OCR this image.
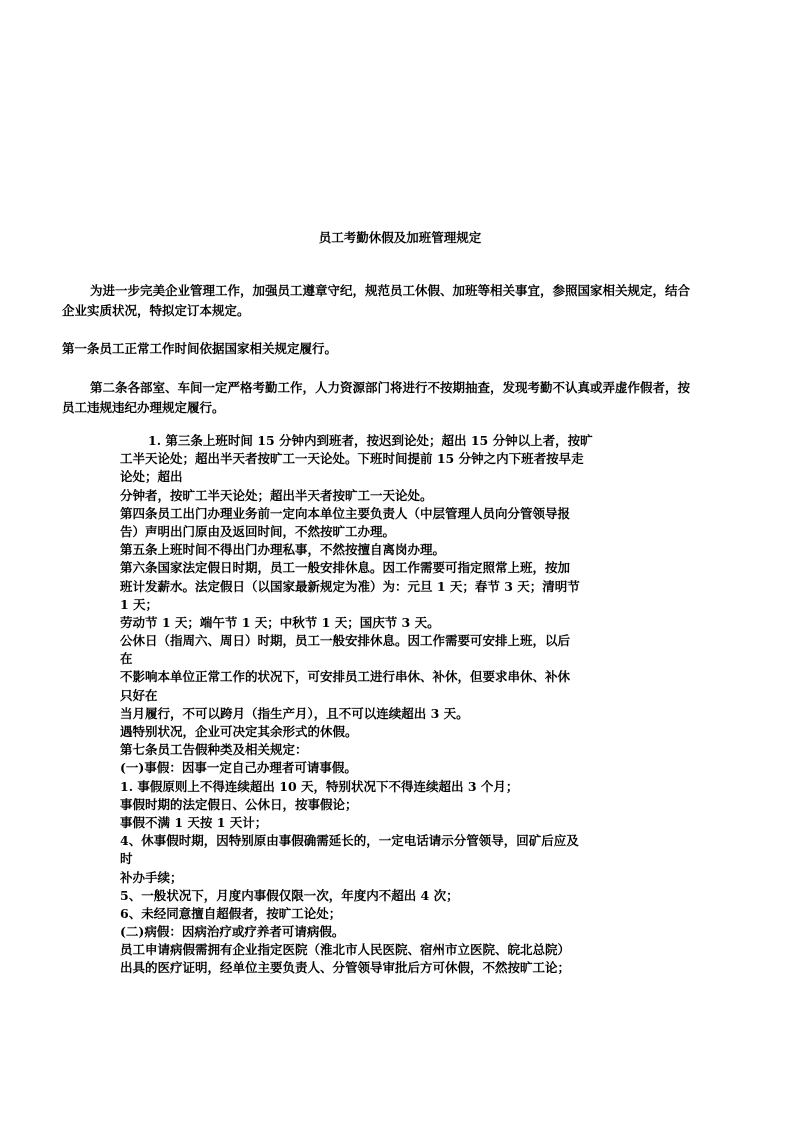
员工考勤休假及加班管理规定

为进一步完美企业管理工作，加强员工遵章守纪，规范员工休假、加班等相关事宜，参照国家相关规定，结合
企业实质状况，特拟定订本规定。

第一条员工正常工作时间依据国家相关规定履行。

第二条各部室、车间一定严格考勤工作，人力资源部门将进行不按期抽查，发现考勤不认真或弄虚作假者，按
员工违规违纪办理规定履行。

1. 第三条上班时间 15 分钟内到班者，按迟到论处；超出 15 分钟以上者，按旷
工半天论处；超出半天者按旷工一天论处。下班时间提前 15 分钟之内下班者按早走
论处；超出
分钟者，按旷工半天论处；超出半天者按旷工一天论处。
第四条员工出门办理业务前一定向本单位主要负责人（中层管理人员向分管领导报
告）声明出门原由及返回时间，不然按旷工办理。
第五条上班时间不得出门办理私事，不然按擅自离岗办理。
第六条国家法定假日时期，员工一般安排休息。因工作需要可指定照常上班，按加
班计发薪水。法定假日（以国家最新规定为准）为：元旦 1 天；春节 3 天；清明节
1 天；
劳动节 1 天；端午节 1 天；中秋节 1 天；国庆节 3 天。
公休日（指周六、周日）时期，员工一般安排休息。因工作需要可安排上班，以后
在
不影响本单位正常工作的状况下，可安排员工进行串休、补休，但要求串休、补休
只好在
当月履行，不可以跨月（指生产月），且不可以连续超出 3 天。
遇特别状况，企业可决定其余形式的休假。
第七条员工告假种类及相关规定：
(一)事假：因事一定自己办理者可请事假。
1. 事假原则上不得连续超出 10 天，特别状况下不得连续超出 3 个月；
事假时期的法定假日、公休日，按事假论；
事假不满 1 天按 1 天计；
4、休事假时期，因特别原由事假确需延长的，一定电话请示分管领导，回矿后应及
时
补办手续；
5、一般状况下，月度内事假仅限一次，年度内不超出 4 次；
6、未经同意擅自超假者，按旷工论处；
(二)病假：因病治疗或疗养者可请病假。
员工申请病假需拥有企业指定医院（淮北市人民医院、宿州市立医院、皖北总院）
出具的医疗证明，经单位主要负责人、分管领导审批后方可休假，不然按旷工论；
